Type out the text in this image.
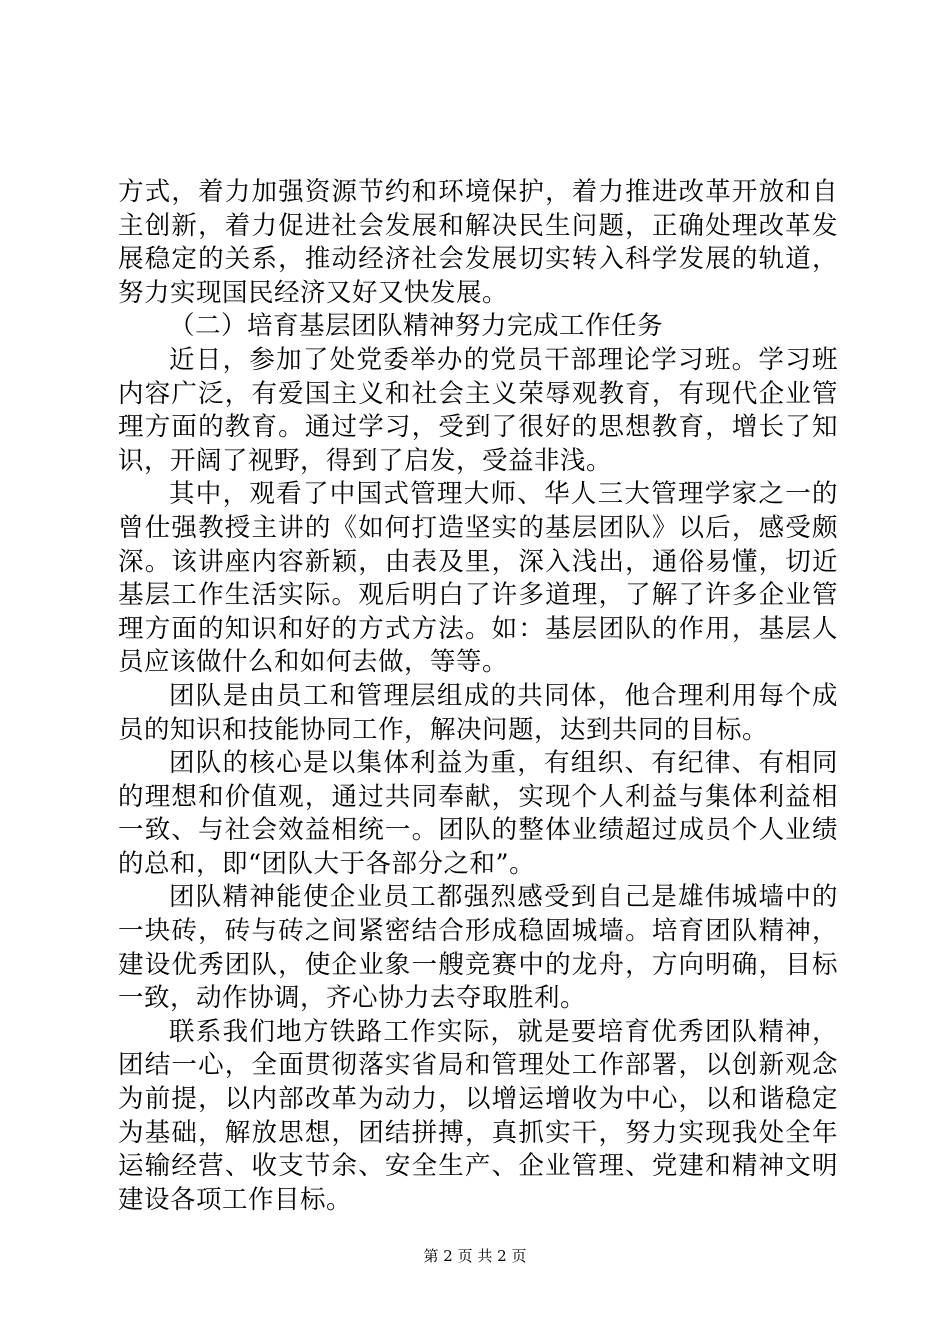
方式，着力加强资源节约和环境保护，着力推进改革开放和自主创新，着力促进社会发展和解决民生问题，正确处理改革发展稳定的关系，推动经济社会发展切实转入科学发展的轨道，努力实现国民经济又好又快发展。

（二）培育基层团队精神努力完成工作任务

近日，参加了处党委举办的党员干部理论学习班。学习班内容广泛，有爱国主义和社会主义荣辱观教育，有现代企业管理方面的教育。通过学习，受到了很好的思想教育，增长了知识，开阔了视野，得到了启发，受益非浅。

其中，观看了中国式管理大师、华人三大管理学家之一的曾仕强教授主讲的《如何打造坚实的基层团队》以后，感受颇深。该讲座内容新颖，由表及里，深入浅出，通俗易懂，切近基层工作生活实际。观后明白了许多道理，了解了许多企业管理方面的知识和好的方式方法。如：基层团队的作用，基层人员应该做什么和如何去做，等等。

团队是由员工和管理层组成的共同体，他合理利用每个成员的知识和技能协同工作，解决问题，达到共同的目标。

团队的核心是以集体利益为重，有组织、有纪律、有相同的理想和价值观，通过共同奉献，实现个人利益与集体利益相一致、与社会效益相统一。团队的整体业绩超过成员个人业绩的总和，即“团队大于各部分之和”。

团队精神能使企业员工都强烈感受到自己是雄伟城墙中的一块砖，砖与砖之间紧密结合形成稳固城墙。培育团队精神，建设优秀团队，使企业象一艘竞赛中的龙舟，方向明确，目标一致，动作协调，齐心协力去夺取胜利。

联系我们地方铁路工作实际，就是要培育优秀团队精神，团结一心，全面贯彻落实省局和管理处工作部署，以创新观念为前提，以内部改革为动力，以增运增收为中心，以和谐稳定为基础，解放思想，团结拼搏，真抓实干，努力实现我处全年运输经营、收支节余、安全生产、企业管理、党建和精神文明建设各项工作目标。

第 2 页 共 2 页
